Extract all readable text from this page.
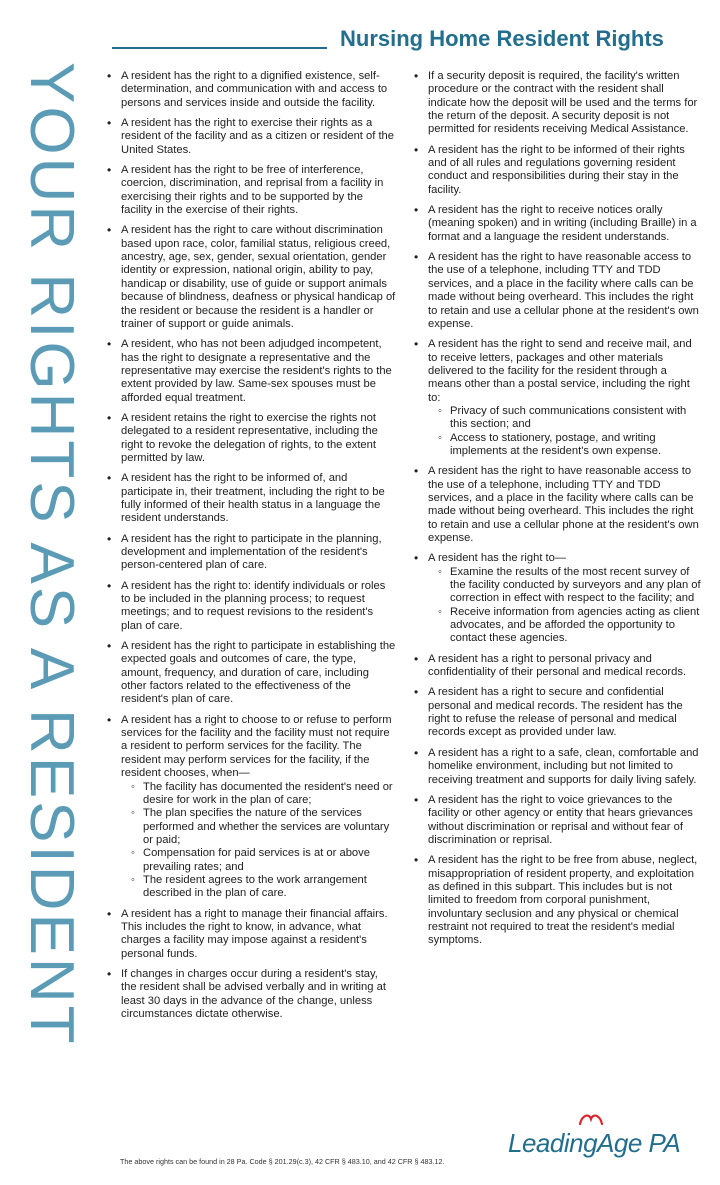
YOUR RIGHTS AS A RESIDENT
Nursing Home Resident Rights
• A resident has the right to a dignified existence, self-determination, and communication with and access to persons and services inside and outside the facility.
• A resident has the right to exercise their rights as a resident of the facility and as a citizen or resident of the United States.
• A resident has the right to be free of interference, coercion, discrimination, and reprisal from a facility in exercising their rights and to be supported by the facility in the exercise of their rights.
• A resident has the right to care without discrimination based upon race, color, familial status, religious creed, ancestry, age, sex, gender, sexual orientation, gender identity or expression, national origin, ability to pay, handicap or disability, use of guide or support animals because of blindness, deafness or physical handicap of the resident or because the resident is a handler or trainer of support or guide animals.
• A resident, who has not been adjudged incompetent, has the right to designate a representative and the representative may exercise the resident's rights to the extent provided by law. Same-sex spouses must be afforded equal treatment.
• A resident retains the right to exercise the rights not delegated to a resident representative, including the right to revoke the delegation of rights, to the extent permitted by law.
• A resident has the right to be informed of, and participate in, their treatment, including the right to be fully informed of their health status in a language the resident understands.
• A resident has the right to participate in the planning, development and implementation of the resident's person-centered plan of care.
• A resident has the right to: identify individuals or roles to be included in the planning process; to request meetings; and to request revisions to the resident's plan of care.
• A resident has the right to participate in establishing the expected goals and outcomes of care, the type, amount, frequency, and duration of care, including other factors related to the effectiveness of the resident's plan of care.
• A resident has a right to choose to or refuse to perform services for the facility and the facility must not require a resident to perform services for the facility. The resident may perform services for the facility, if the resident chooses, when—
◦ The facility has documented the resident's need or desire for work in the plan of care;
◦ The plan specifies the nature of the services performed and whether the services are voluntary or paid;
◦ Compensation for paid services is at or above prevailing rates; and
◦ The resident agrees to the work arrangement described in the plan of care.
• A resident has a right to manage their financial affairs. This includes the right to know, in advance, what charges a facility may impose against a resident's personal funds.
• If changes in charges occur during a resident's stay, the resident shall be advised verbally and in writing at least 30 days in the advance of the change, unless circumstances dictate otherwise.
• If a security deposit is required, the facility's written procedure or the contract with the resident shall indicate how the deposit will be used and the terms for the return of the deposit. A security deposit is not permitted for residents receiving Medical Assistance.
• A resident has the right to be informed of their rights and of all rules and regulations governing resident conduct and responsibilities during their stay in the facility.
• A resident has the right to receive notices orally (meaning spoken) and in writing (including Braille) in a format and a language the resident understands.
• A resident has the right to have reasonable access to the use of a telephone, including TTY and TDD services, and a place in the facility where calls can be made without being overheard. This includes the right to retain and use a cellular phone at the resident's own expense.
• A resident has the right to send and receive mail, and to receive letters, packages and other materials delivered to the facility for the resident through a means other than a postal service, including the right to:
◦ Privacy of such communications consistent with this section; and
◦ Access to stationery, postage, and writing implements at the resident's own expense.
• A resident has the right to have reasonable access to the use of a telephone, including TTY and TDD services, and a place in the facility where calls can be made without being overheard. This includes the right to retain and use a cellular phone at the resident's own expense.
• A resident has the right to—
◦ Examine the results of the most recent survey of the facility conducted by surveyors and any plan of correction in effect with respect to the facility; and
◦ Receive information from agencies acting as client advocates, and be afforded the opportunity to contact these agencies.
• A resident has a right to personal privacy and confidentiality of their personal and medical records.
• A resident has a right to secure and confidential personal and medical records. The resident has the right to refuse the release of personal and medical records except as provided under law.
• A resident has a right to a safe, clean, comfortable and homelike environment, including but not limited to receiving treatment and supports for daily living safely.
• A resident has the right to voice grievances to the facility or other agency or entity that hears grievances without discrimination or reprisal and without fear of discrimination or reprisal.
• A resident has the right to be free from abuse, neglect, misappropriation of resident property, and exploitation as defined in this subpart. This includes but is not limited to freedom from corporal punishment, involuntary seclusion and any physical or chemical restraint not required to treat the resident's medial symptoms.
LeadingAge PA
The above rights can be found in 28 Pa. Code § 201.29(c.3), 42 CFR § 483.10, and 42 CFR § 483.12.
